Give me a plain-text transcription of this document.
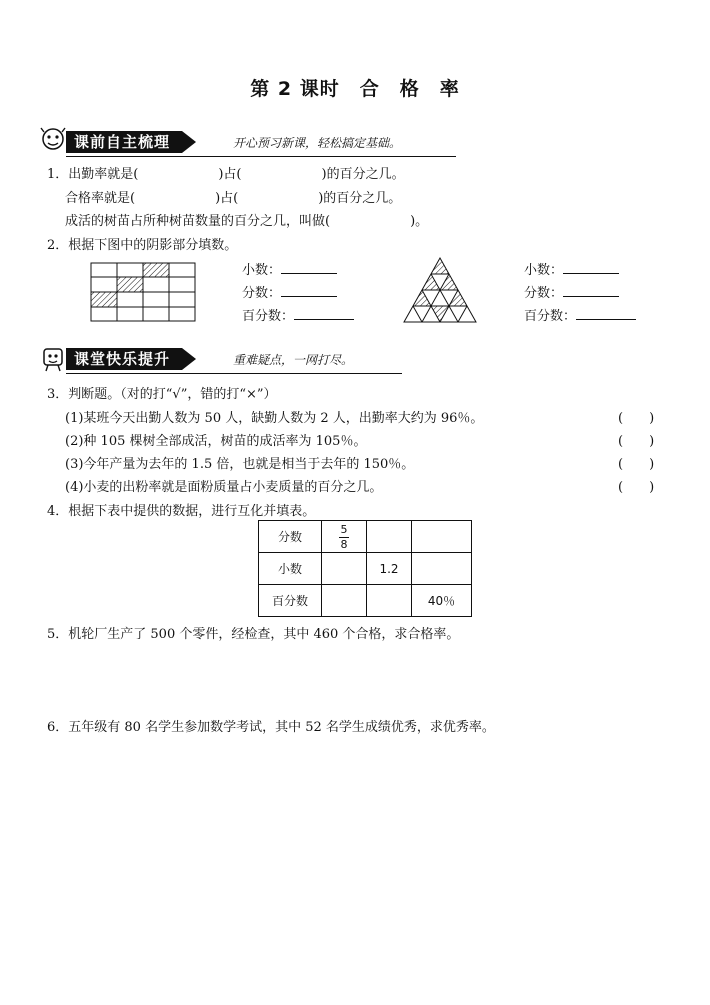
第 2 课时　合　格　率
课前自主梳理	开心预习新课，轻松搞定基础。
1．出勤率就是(	)占(	)的百分之几。
合格率就是(	)占(	)的百分之几。
成活的树苗占所种树苗数量的百分之几，叫做(	)。
2．根据下图中的阴影部分填数。
小数：
分数：
百分数：
小数：
分数：
百分数：
课堂快乐提升	重难疑点，一网打尽。
3．判断题。（对的打“√”，错的打“×”）
(1)某班今天出勤人数为 50 人，缺勤人数为 2 人，出勤率大约为 96％。	(　　)
(2)种 105 棵树全部成活，树苗的成活率为 105％。	(　　)
(3)今年产量为去年的 1.5 倍，也就是相当于去年的 150％。	(　　)
(4)小麦的出粉率就是面粉质量占小麦质量的百分之几。	(　　)
4．根据下表中提供的数据，进行互化并填表。
分数	$\frac{5}{8}$

小数		1.2	
百分数			40％
5．机轮厂生产了 500 个零件，经检查，其中 460 个合格，求合格率。
6．五年级有 80 名学生参加数学考试，其中 52 名学生成绩优秀，求优秀率。
